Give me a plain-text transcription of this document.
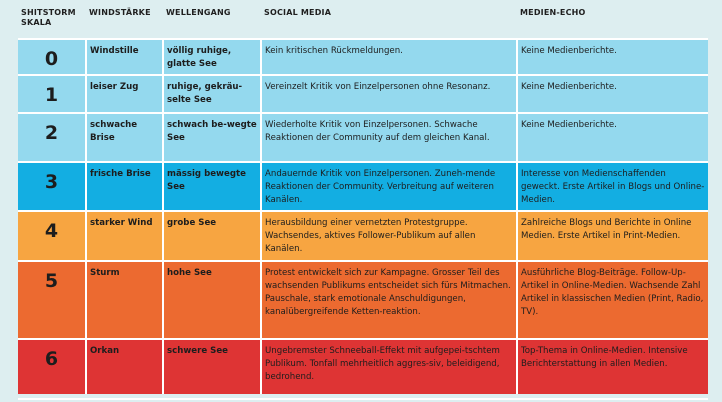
SHITSTORM SKALA	WINDSTÄRKE	WELLENGANG	SOCIAL MEDIA	MEDIEN-ECHO
0	Windstille	völlig ruhige, glatte See	Kein kritischen Rückmeldungen.	Keine Medienberichte.
1	leiser Zug	ruhige, gekräu-selte See	Vereinzelt Kritik von Einzelpersonen ohne Resonanz.	Keine Medienberichte.
2	schwache Brise	schwach be-wegte See	Wiederholte Kritik von Einzelpersonen. Schwache Reaktionen der Community auf dem gleichen Kanal.	Keine Medienberichte.
3	frische Brise	mässig bewegte See	Andauernde Kritik von Einzelpersonen. Zuneh-mende Reaktionen der Community. Verbreitung auf weiteren Kanälen.	Interesse von Medienschaffenden geweckt. Erste Artikel in Blogs und Online-Medien.
4	starker Wind	grobe See	Herausbildung einer vernetzten Protestgruppe. Wachsendes, aktives Follower-Publikum auf allen Kanälen.	Zahlreiche Blogs und Berichte in Online Medien. Erste Artikel in Print-Medien.
5	Sturm	hohe See	Protest entwickelt sich zur Kampagne. Grosser Teil des wachsenden Publikums entscheidet sich fürs Mitmachen. Pauschale, stark emotionale Anschuldigungen, kanalübergreifende Ketten-reaktion.	Ausführliche Blog-Beiträge. Follow-Up-Artikel in Online-Medien. Wachsende Zahl Artikel in klassischen Medien (Print, Radio, TV).
6	Orkan	schwere See	Ungebremster Schneeball-Effekt mit aufgepei-tschtem Publikum. Tonfall mehrheitlich aggres-siv, beleidigend, bedrohend.	Top-Thema in Online-Medien. Intensive Berichterstattung in allen Medien.
